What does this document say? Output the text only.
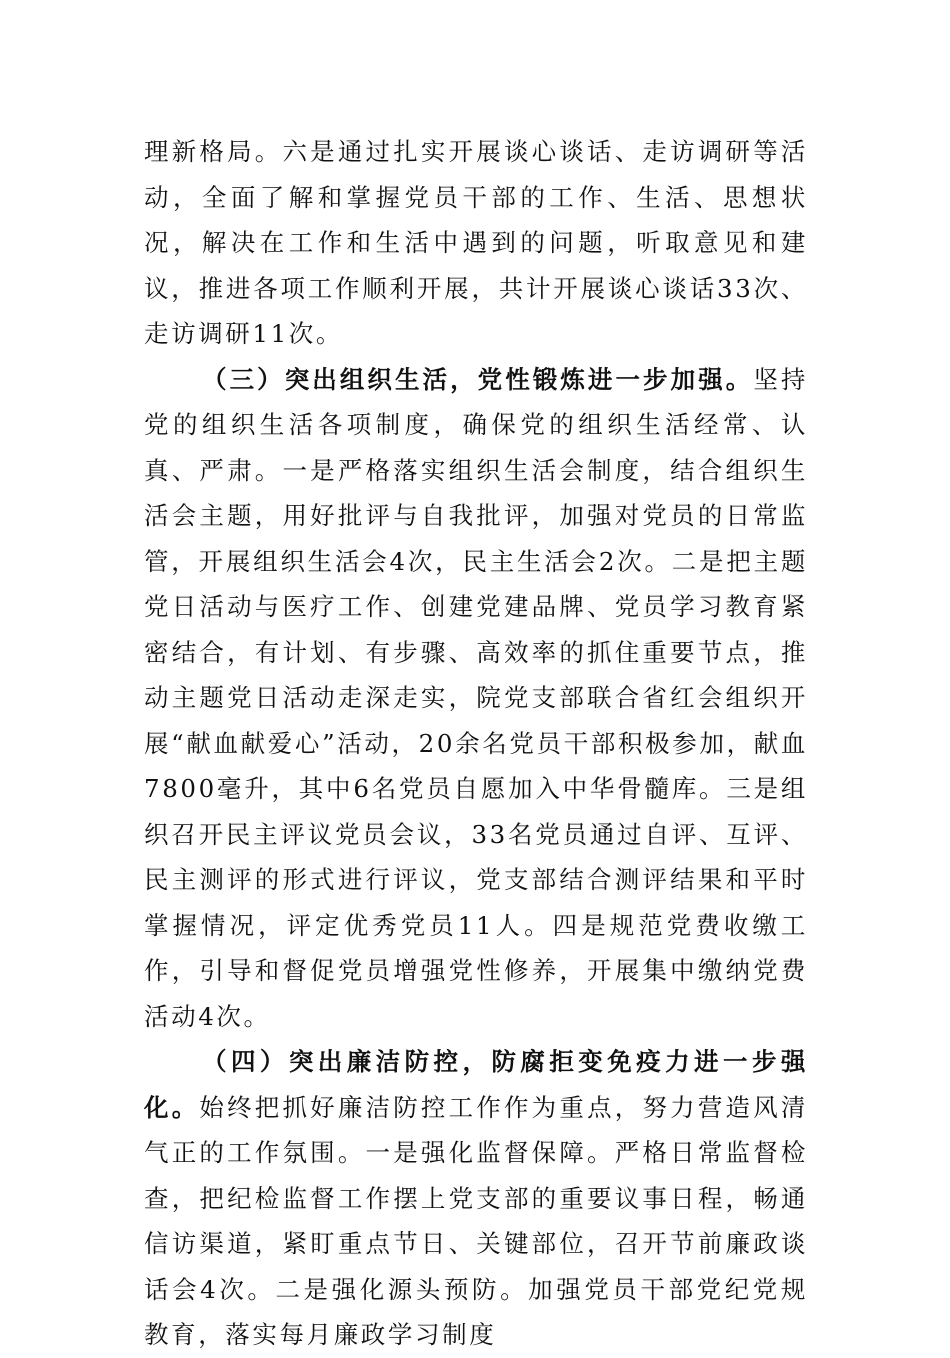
理新格局。六是通过扎实开展谈心谈话、走访调研等活动，全面了解和掌握党员干部的工作、生活、思想状况，解决在工作和生活中遇到的问题，听取意见和建议，推进各项工作顺利开展，共计开展谈心谈话33次、走访调研11次。

（三）突出组织生活，党性锻炼进一步加强。坚持党的组织生活各项制度，确保党的组织生活经常、认真、严肃。一是严格落实组织生活会制度，结合组织生活会主题，用好批评与自我批评，加强对党员的日常监管，开展组织生活会4次，民主生活会2次。二是把主题党日活动与医疗工作、创建党建品牌、党员学习教育紧密结合，有计划、有步骤、高效率的抓住重要节点，推动主题党日活动走深走实，院党支部联合省红会组织开展“献血献爱心”活动，20余名党员干部积极参加，献血7800毫升，其中6名党员自愿加入中华骨髓库。三是组织召开民主评议党员会议，33名党员通过自评、互评、民主测评的形式进行评议，党支部结合测评结果和平时掌握情况，评定优秀党员11人。四是规范党费收缴工作，引导和督促党员增强党性修养，开展集中缴纳党费活动4次。

（四）突出廉洁防控，防腐拒变免疫力进一步强化。始终把抓好廉洁防控工作作为重点，努力营造风清气正的工作氛围。一是强化监督保障。严格日常监督检查，把纪检监督工作摆上党支部的重要议事日程，畅通信访渠道，紧盯重点节日、关键部位，召开节前廉政谈话会4次。二是强化源头预防。加强党员干部党纪党规教育，落实每月廉政学习制度
